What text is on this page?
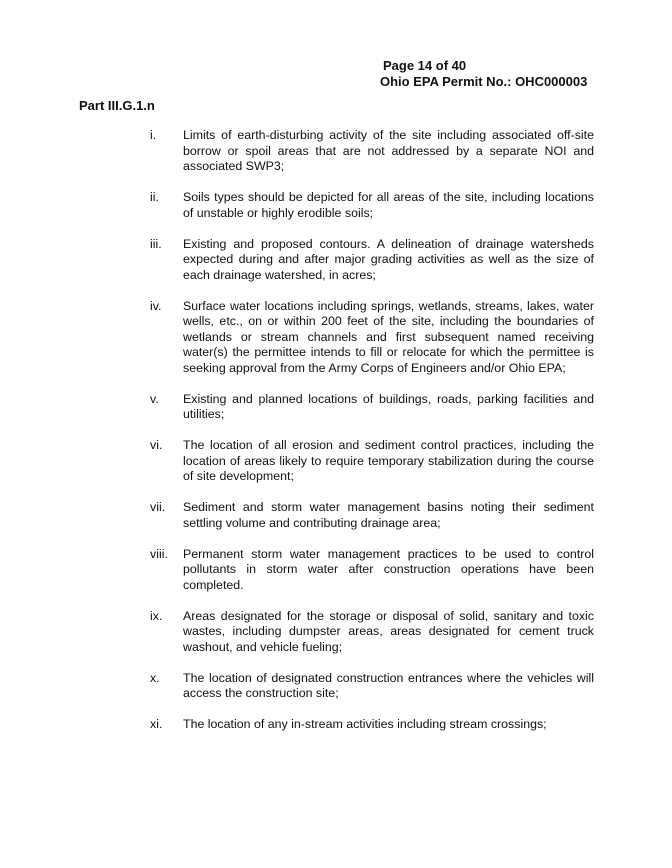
Page 14 of 40
Ohio EPA Permit No.: OHC000003
Part III.G.1.n
i.	Limits of earth-disturbing activity of the site including associated off-site borrow or spoil areas that are not addressed by a separate NOI and associated SWP3;
ii.	Soils types should be depicted for all areas of the site, including locations of unstable or highly erodible soils;
iii.	Existing and proposed contours. A delineation of drainage watersheds expected during and after major grading activities as well as the size of each drainage watershed, in acres;
iv.	Surface water locations including springs, wetlands, streams, lakes, water wells, etc., on or within 200 feet of the site, including the boundaries of wetlands or stream channels and first subsequent named receiving water(s) the permittee intends to fill or relocate for which the permittee is seeking approval from the Army Corps of Engineers and/or Ohio EPA;
v.	Existing and planned locations of buildings, roads, parking facilities and utilities;
vi.	The location of all erosion and sediment control practices, including the location of areas likely to require temporary stabilization during the course of site development;
vii.	Sediment and storm water management basins noting their sediment settling volume and contributing drainage area;
viii.	Permanent storm water management practices to be used to control pollutants in storm water after construction operations have been completed.
ix.	Areas designated for the storage or disposal of solid, sanitary and toxic wastes, including dumpster areas, areas designated for cement truck washout, and vehicle fueling;
x.	The location of designated construction entrances where the vehicles will access the construction site;
xi.	The location of any in-stream activities including stream crossings;
